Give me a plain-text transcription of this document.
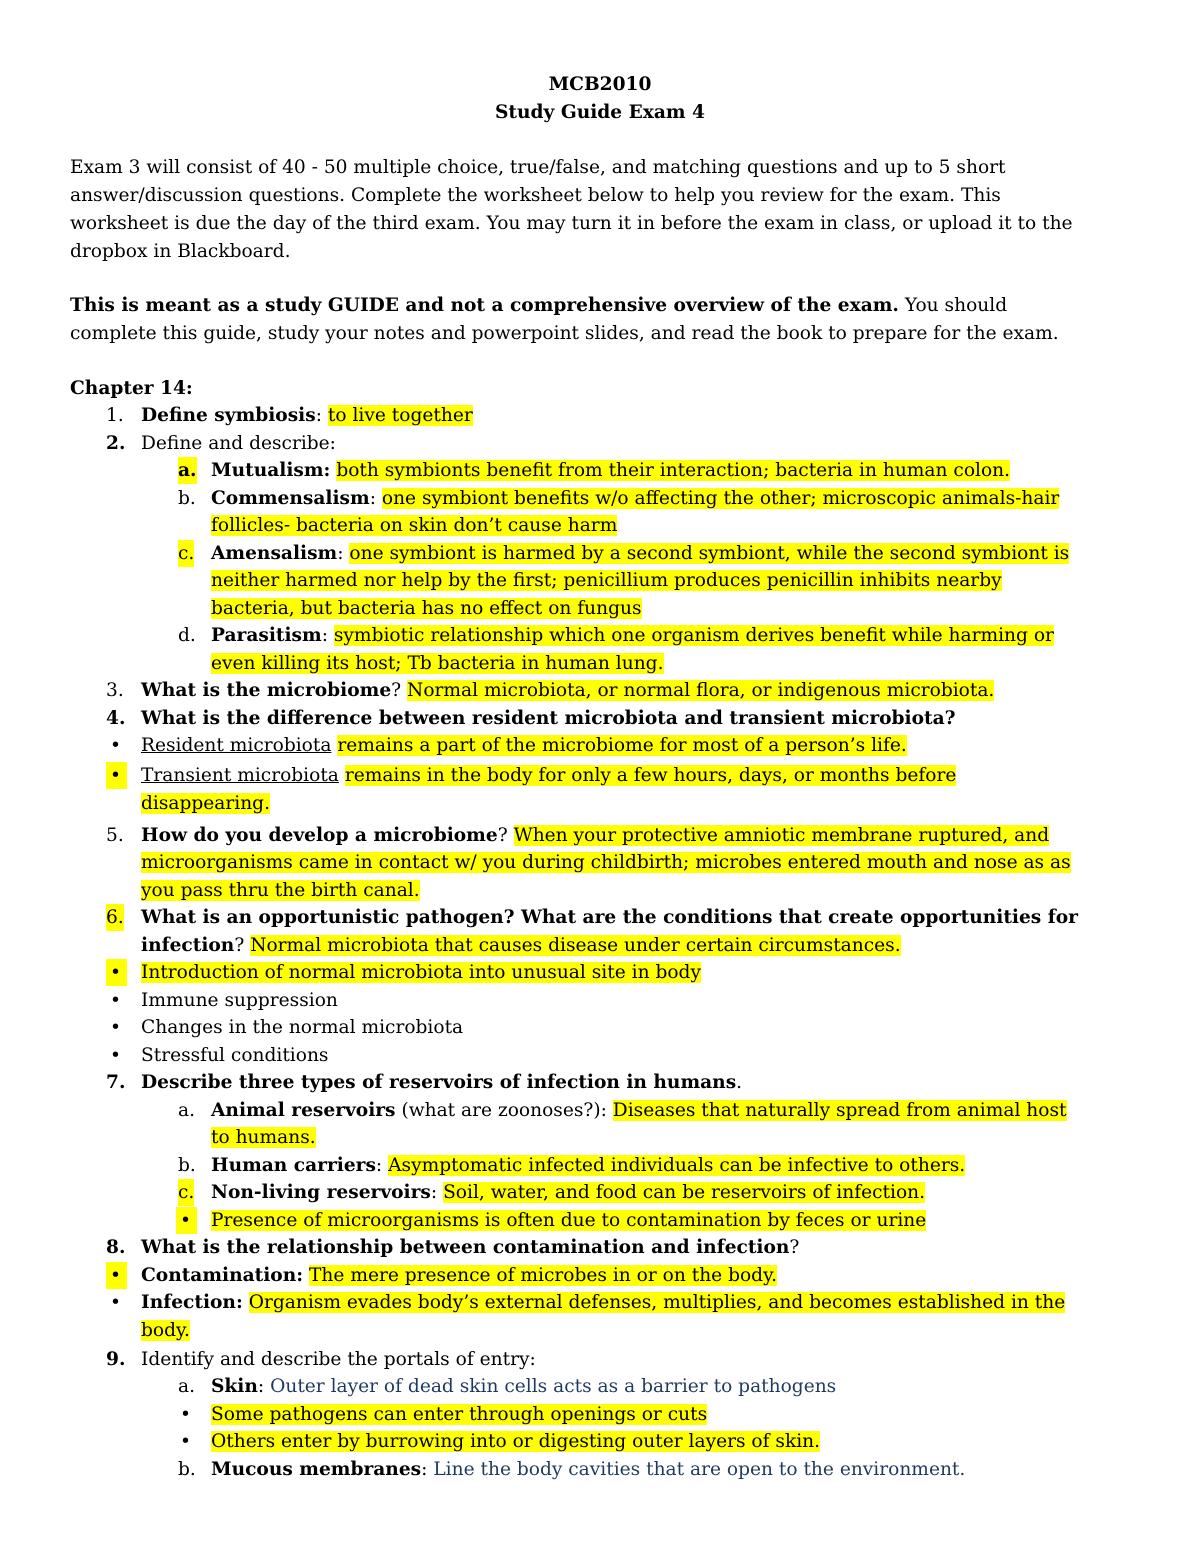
MCB2010
Study Guide Exam 4
Exam 3 will consist of 40 - 50 multiple choice, true/false, and matching questions and up to 5 short
answer/discussion questions. Complete the worksheet below to help you review for the exam. This
worksheet is due the day of the third exam. You may turn it in before the exam in class, or upload it to the
dropbox in Blackboard.
This is meant as a study GUIDE and not a comprehensive overview of the exam. You should
complete this guide, study your notes and powerpoint slides, and read the book to prepare for the exam.
Chapter 14:
1. Define symbiosis: to live together
2. Define and describe:
a. Mutualism: both symbionts benefit from their interaction; bacteria in human colon.
b. Commensalism: one symbiont benefits w/o affecting the other; microscopic animals-hair
follicles- bacteria on skin don’t cause harm
c. Amensalism: one symbiont is harmed by a second symbiont, while the second symbiont is
neither harmed nor help by the first; penicillium produces penicillin inhibits nearby
bacteria, but bacteria has no effect on fungus
d. Parasitism: symbiotic relationship which one organism derives benefit while harming or
even killing its host; Tb bacteria in human lung.
3. What is the microbiome? Normal microbiota, or normal flora, or indigenous microbiota.
4. What is the difference between resident microbiota and transient microbiota?
• Resident microbiota remains a part of the microbiome for most of a person’s life.
•	Transient microbiota remains in the body for only a few hours, days, or months before
disappearing.
5. How do you develop a microbiome? When your protective amniotic membrane ruptured, and
microorganisms came in contact w/ you during childbirth; microbes entered mouth and nose as as
you pass thru the birth canal.
6. What is an opportunistic pathogen? What are the conditions that create opportunities for
infection? Normal microbiota that causes disease under certain circumstances.
•	Introduction of normal microbiota into unusual site in body
• Immune suppression
• Changes in the normal microbiota
• Stressful conditions
7. Describe three types of reservoirs of infection in humans.
a. Animal reservoirs (what are zoonoses?): Diseases that naturally spread from animal host
to humans.
b. Human carriers: Asymptomatic infected individuals can be infective to others.
c. Non-living reservoirs: Soil, water, and food can be reservoirs of infection.
•	Presence of microorganisms is often due to contamination by feces or urine
8. What is the relationship between contamination and infection?
•	Contamination: The mere presence of microbes in or on the body.
• Infection: Organism evades body’s external defenses, multiplies, and becomes established in the
body.
9. Identify and describe the portals of entry:
a. Skin: Outer layer of dead skin cells acts as a barrier to pathogens
• Some pathogens can enter through openings or cuts
• Others enter by burrowing into or digesting outer layers of skin.
b. Mucous membranes: Line the body cavities that are open to the environment.
